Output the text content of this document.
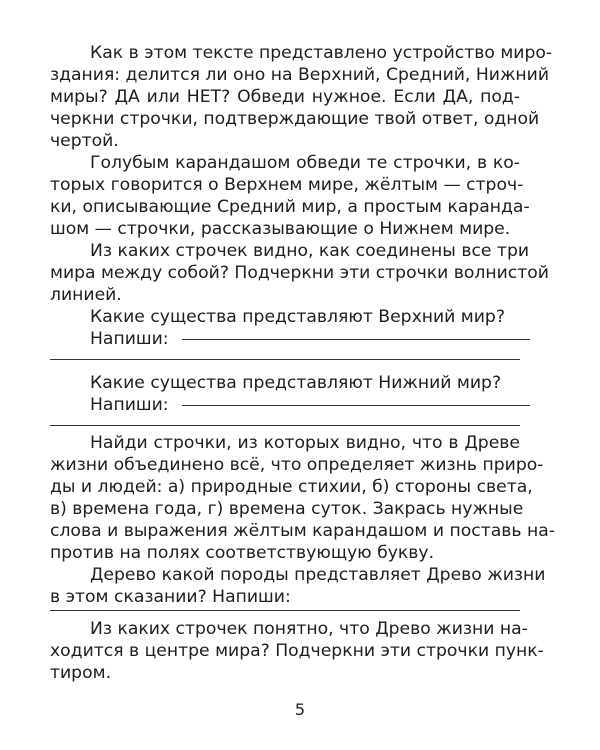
Как в этом тексте представлено устройство миро-
здания: делится ли оно на Верхний, Средний, Нижний
миры? ДА или НЕТ? Обведи нужное. Если ДА, под-
черкни строчки, подтверждающие твой ответ, одной
чертой.
Голубым карандашом обведи те строчки, в ко-
торых говорится о Верхнем мире, жёлтым — строч-
ки, описывающие Средний мир, а простым каранда-
шом — строчки, рассказывающие о Нижнем мире.
Из каких строчек видно, как соединены все три
мира между собой? Подчеркни эти строчки волнистой
линией.
Какие существа представляют Верхний мир?
Напиши:
Какие существа представляют Нижний мир?
Напиши:
Найди строчки, из которых видно, что в Древе
жизни объединено всё, что определяет жизнь приро-
ды и людей: а) природные стихии, б) стороны света,
в) времена года, г) времена суток. Закрась нужные
слова и выражения жёлтым карандашом и поставь на-
против на полях соответствующую букву.
Дерево какой породы представляет Древо жизни
в этом сказании? Напиши:
Из каких строчек понятно, что Древо жизни на-
ходится в центре мира? Подчеркни эти строчки пунк-
тиром.
5
